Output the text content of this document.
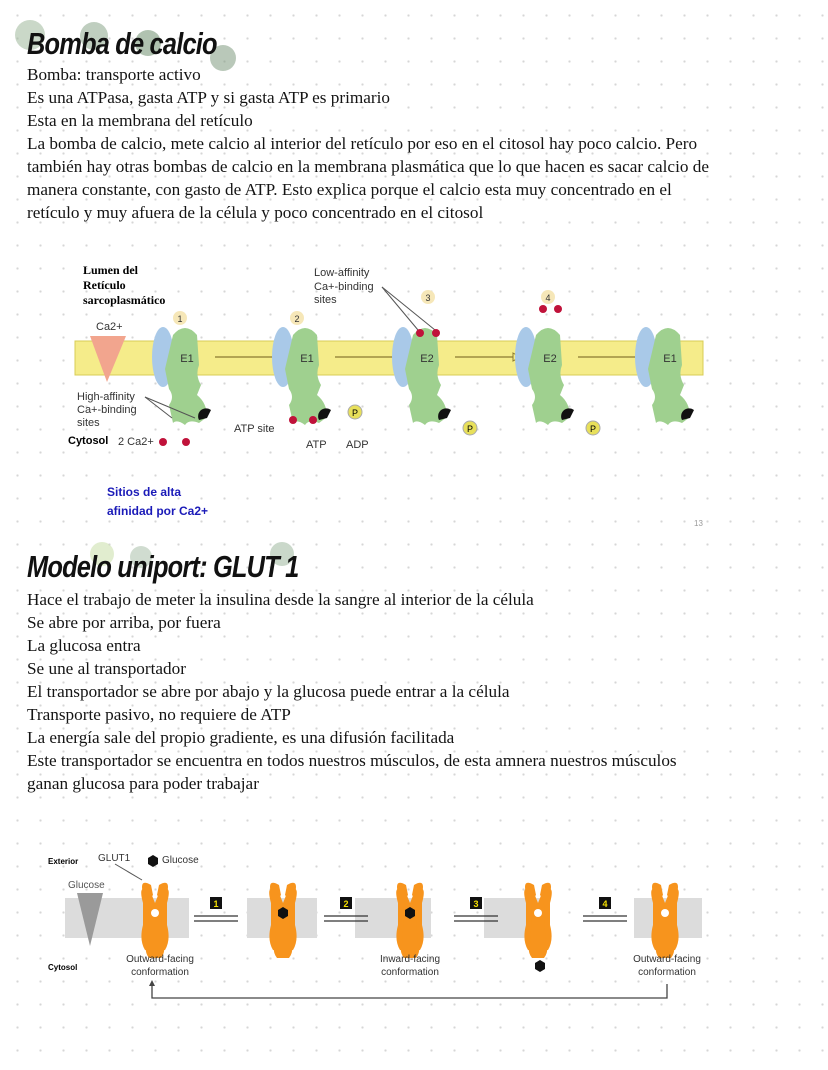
Bomba de calcio
Bomba: transporte activo
Es una ATPasa, gasta ATP y si gasta ATP es primario
Esta en la membrana del retículo
La bomba de calcio, mete calcio al interior del retículo por eso en el citosol hay poco calcio. Pero
también hay otras bombas de calcio en la membrana plasmática que lo que hacen es sacar calcio de
manera constante, con gasto de ATP. Esto explica porque el calcio esta muy concentrado en el
retículo y muy afuera de la célula y poco concentrado en el citosol
E1
1
E1
2
P
E2
3
P
E2
4
P
E1
Lumen del
Retículo
sarcoplasmático
Ca2+
Low-affinity
Ca+-binding
sites
High-affinity
Ca+-binding
sites
Cytosol 2 Ca2+
ATP site
ATP ADP
Sitios de alta
afinidad por Ca2+
13
Modelo uniport: GLUT 1
Hace el trabajo de meter la insulina desde la sangre al interior de la célula
Se abre por arriba, por fuera
La glucosa entra
Se une al transportador
El transportador se abre por abajo y la glucosa puede entrar a la célula
Transporte pasivo, no requiere de ATP
La energía sale del propio gradiente, es una difusión facilitada
Este transportador se encuentra en todos nuestros músculos, de esta amnera nuestros músculos
ganan glucosa para poder trabajar
1	2	3	4
Exterior GLUT1	Glucose
Glucose
Cytosol
Outward-facing
conformation
Inward-facing
conformation
Outward-facing
conformation
